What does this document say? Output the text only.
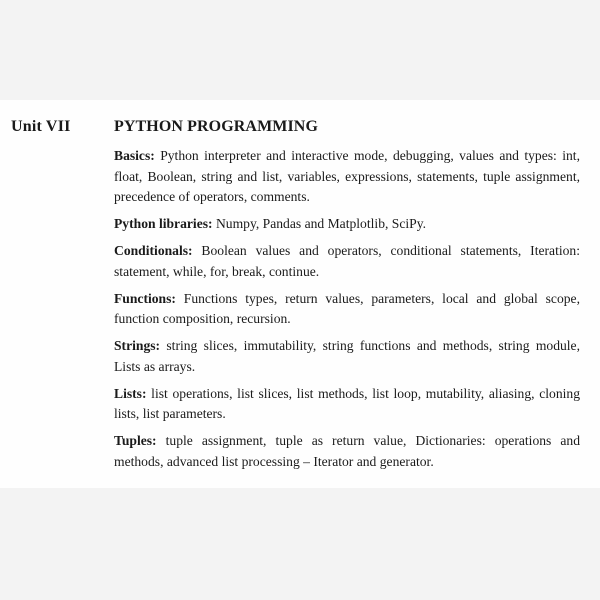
Unit VII	PYTHON PROGRAMMING

Basics: Python interpreter and interactive mode, debugging, values and types: int, float, Boolean, string and list, variables, expressions, statements, tuple assignment, precedence of operators, comments.

Python libraries: Numpy, Pandas and Matplotlib, SciPy.

Conditionals: Boolean values and operators, conditional statements, Iteration: statement, while, for, break, continue.

Functions: Functions types, return values, parameters, local and global scope, function composition, recursion.

Strings: string slices, immutability, string functions and methods, string module, Lists as arrays.

Lists: list operations, list slices, list methods, list loop, mutability, aliasing, cloning lists, list parameters.

Tuples: tuple assignment, tuple as return value, Dictionaries: operations and methods, advanced list processing – Iterator and generator.
